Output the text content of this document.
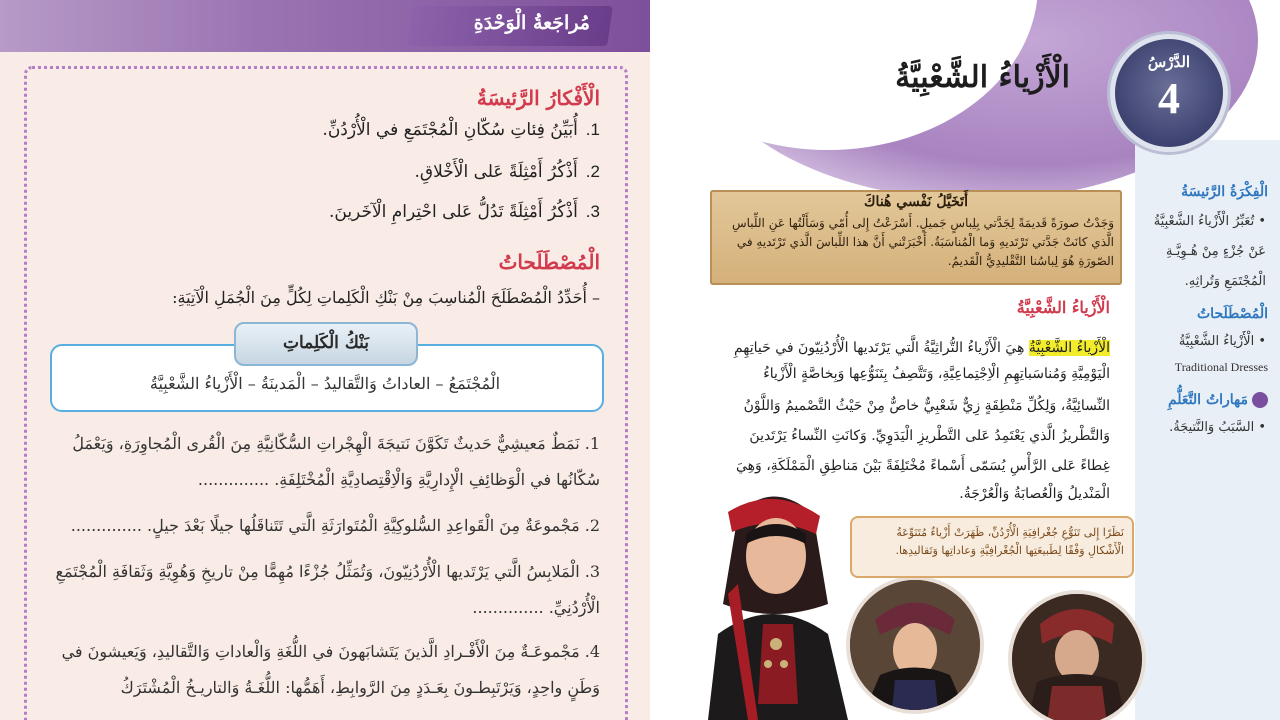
مُراجَعةُ الْوَحْدَةِ
الْأَفْكارُ الرَّئيسَةُ
1.أُبَيِّنُ فِئاتِ سُكّانِ الْمُجْتَمَعِ في الْأُرْدُنِّ.
2.أَذْكُرُ أَمْثِلَةً عَلى الْأَخْلاقِ.
3.أَذْكُرُ أَمْثِلَةً تَدُلُّ عَلى احْتِرامِ الْآخَرينَ.
الْمُصْطَلَحاتُ
– أُحَدِّدُ الْمُصْطَلَحَ الْمُناسِبَ مِنْ بَنْكِ الْكَلِماتِ لِكُلٍّ مِنَ الْجُمَلِ الْآتِيَةِ:
بَنْكُ الْكَلِماتِ
الْمُجْتَمَعُ – العاداتُ وَالتَّقاليدُ – الْمَدينَةُ – الْأَزْياءُ الشَّعْبِيَّةُ
1. نَمَطٌ مَعيشِيٌّ حَديثٌ تَكَوَّنَ نَتيجَةَ الْهِجْراتِ السُّكّانِيَّةِ مِنَ الْقُرى الْمُجاوِرَةِ، وَيَعْمَلُ
سُكّانُها في الْوَظائِفِ الْإِدارِيَّةِ وَالْاِقْتِصادِيَّةِ الْمُخْتَلِفَةِ. ..............
2. مَجْموعَةٌ مِنَ الْقَواعِدِ السُّلوكِيَّةِ الْمُتَوارَثَةِ الَّتي تَتَناقَلُها جيلًا بَعْدَ جيلٍ. ..............
3. الْمَلابِسُ الَّتي يَرْتَديها الْأُرْدُنِيّونَ، وَتُمَثِّلُ جُزْءًا مُهِمًّا مِنْ تاريخِ وَهُوِيَّةِ وَثَقافَةِ الْمُجْتَمَعِ
الْأُرْدُنِيِّ. ..............
4. مَجْموعَـةٌ مِنَ الْأَفْـرادِ الَّذينَ يَتَشابَهونَ في اللُّغَةِ وَالْعاداتِ وَالتَّقاليدِ، وَيَعيشونَ في
وَطَنٍ واحِدٍ، وَيَرْتَبِطـونَ بِعَـدَدٍ مِنَ الرَّوابِطِ، أَهَمُّها: اللُّغَـةُ وَالتاريـخُ الْمُشْتَرَكُ
الدَّرْسُ
4
الْأَزْياءُ الشَّعْبِيَّةُ
أَتَخَيَّلُ نَفْسي هُناكَ
وَجَدْتُ صورَةً قَديمَةً لِجَدَّتي بِلِباسٍ جَميلٍ. أَسْرَعْتُ إِلى أُمّي وَسَأَلْتُها عَنِ اللِّباسِ الَّذي كانَتْ جَدَّتي تَرْتَديهِ وَما الْمُناسَبَةُ. أَخْبَرَتْني أَنَّ هذا اللِّباسَ الَّذي تَرْتَديهِ في الصّورَةِ هُوَ لِباسُنا التَّقْليدِيُّ الْقَديمُ.
الْأَزْياءُ الشَّعْبِيَّةُ
الْأَزْياءُ الشَّعْبِيَّةُ هِيَ الْأَزْياءُ التُّراثِيَّةُ الَّتي يَرْتَديها الْأُرْدُنِيّونَ في حَياتِهِمِ
الْيَوْمِيَّةِ وَمُناسَباتِهِمِ الْاِجْتِماعِيَّةِ، وَتَتَّصِفُ بِتَنَوُّعِها وَبِخاصَّةٍ الْأَزْياءُ
النِّسائِيَّةُ، وَلِكُلِّ مَنْطِقَةٍ زِيٌّ شَعْبِيٌّ خاصٌّ مِنْ حَيْثُ التَّصْميمُ وَاللَّوْنُ
وَالتَّطْريزُ الَّذي يَعْتَمِدُ عَلى التَّطْريزِ الْيَدَوِيِّ. وَكانَتِ النِّساءُ يَرْتَدينَ
غِطاءً عَلى الرَّأْسِ يُسَمّى أَسْماءً مُخْتَلِفَةً بَيْنَ مَناطِقِ الْمَمْلَكَةِ، وَهِيَ
الْمَنْديلُ وَالْعُصابَةُ وَالْعُرْجَةُ.
الْفِكْرَةُ الرَّئيسَةُ
• تُعَبِّرُ الْأَزْياءُ الشَّعْبِيَّةُ
عَنْ جُزْءٍ مِنْ هُـوِيَّـةِ
الْمُجْتَمَعِ وَتُراثِهِ.
الْمُصْطَلَحاتُ
• الْأَزْياءُ الشَّعْبِيَّةُ
Traditional Dresses
مَهاراتُ التَّعَلُّمِ
• السَّبَبُ وَالنَّتيجَةُ.
نَظَرًا إِلى تَنَوُّعِ جُغْرافِيَةِ الْأُرْدُنِّ، ظَهَرَتْ أَزْياءٌ مُتَنَوِّعَةُ الْأَشْكالِ وَفْقًا لِطَبيعَتِها الْجُغْرافِيَّةِ وَعاداتِها وَتَقاليدِها.
